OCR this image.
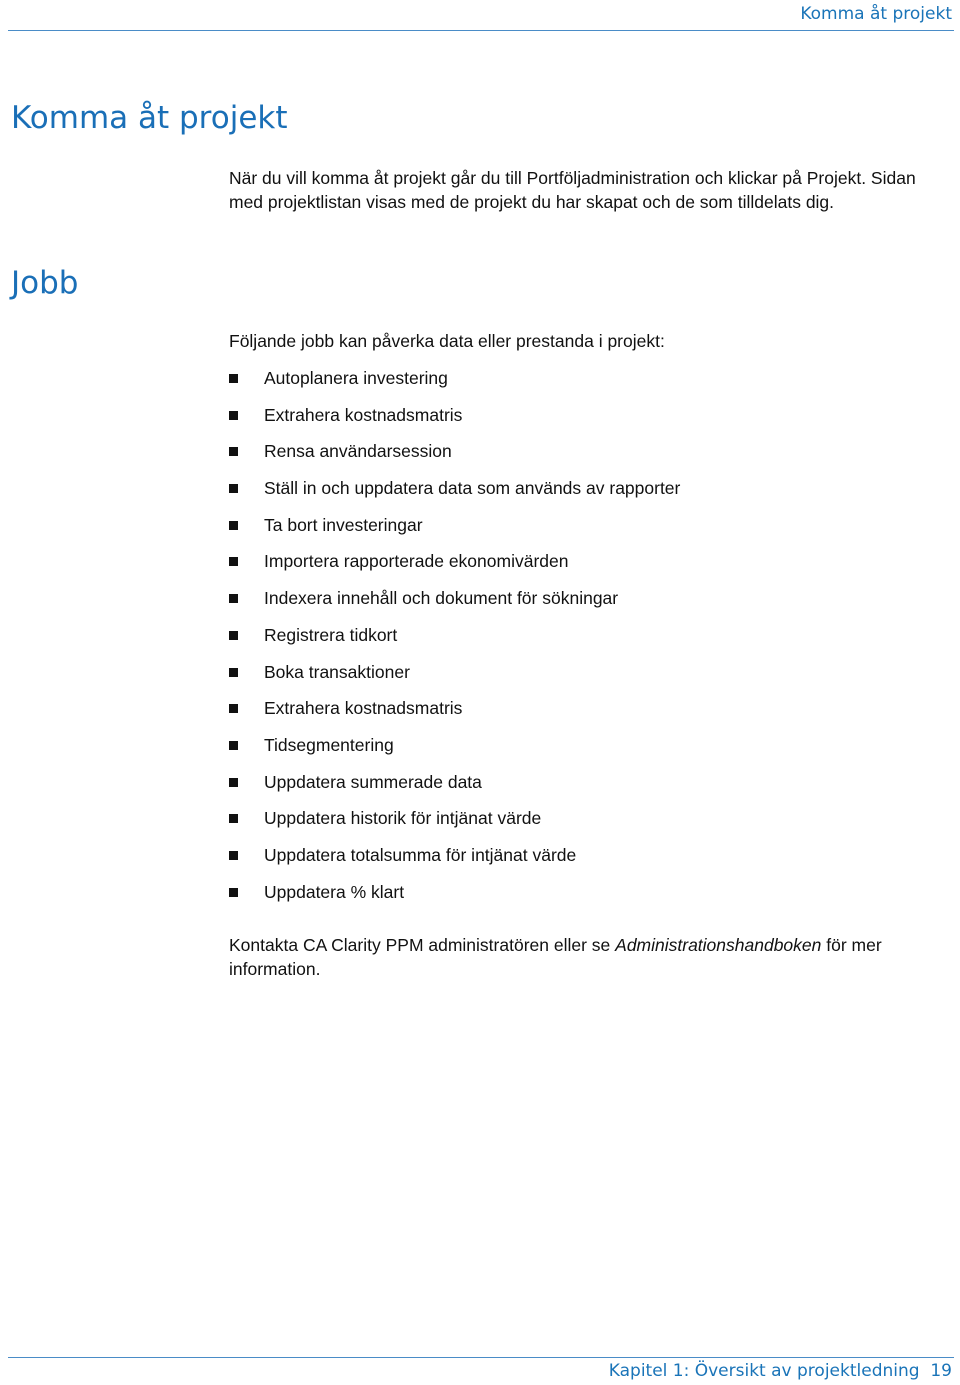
Komma åt projekt
Komma åt projekt

När du vill komma åt projekt går du till Portföljadministration och klickar på Projekt. Sidan med projektlistan visas med de projekt du har skapat och de som tilldelats dig.

Jobb

Följande jobb kan påverka data eller prestanda i projekt:

Autoplanera investering
Extrahera kostnadsmatris
Rensa användarsession
Ställ in och uppdatera data som används av rapporter
Ta bort investeringar
Importera rapporterade ekonomivärden
Indexera innehåll och dokument för sökningar
Registrera tidkort
Boka transaktioner
Extrahera kostnadsmatris
Tidsegmentering
Uppdatera summerade data
Uppdatera historik för intjänat värde
Uppdatera totalsumma för intjänat värde
Uppdatera % klart

Kontakta CA Clarity PPM administratören eller se Administrationshandboken för mer information.

Kapitel 1: Översikt av projektledning 19
